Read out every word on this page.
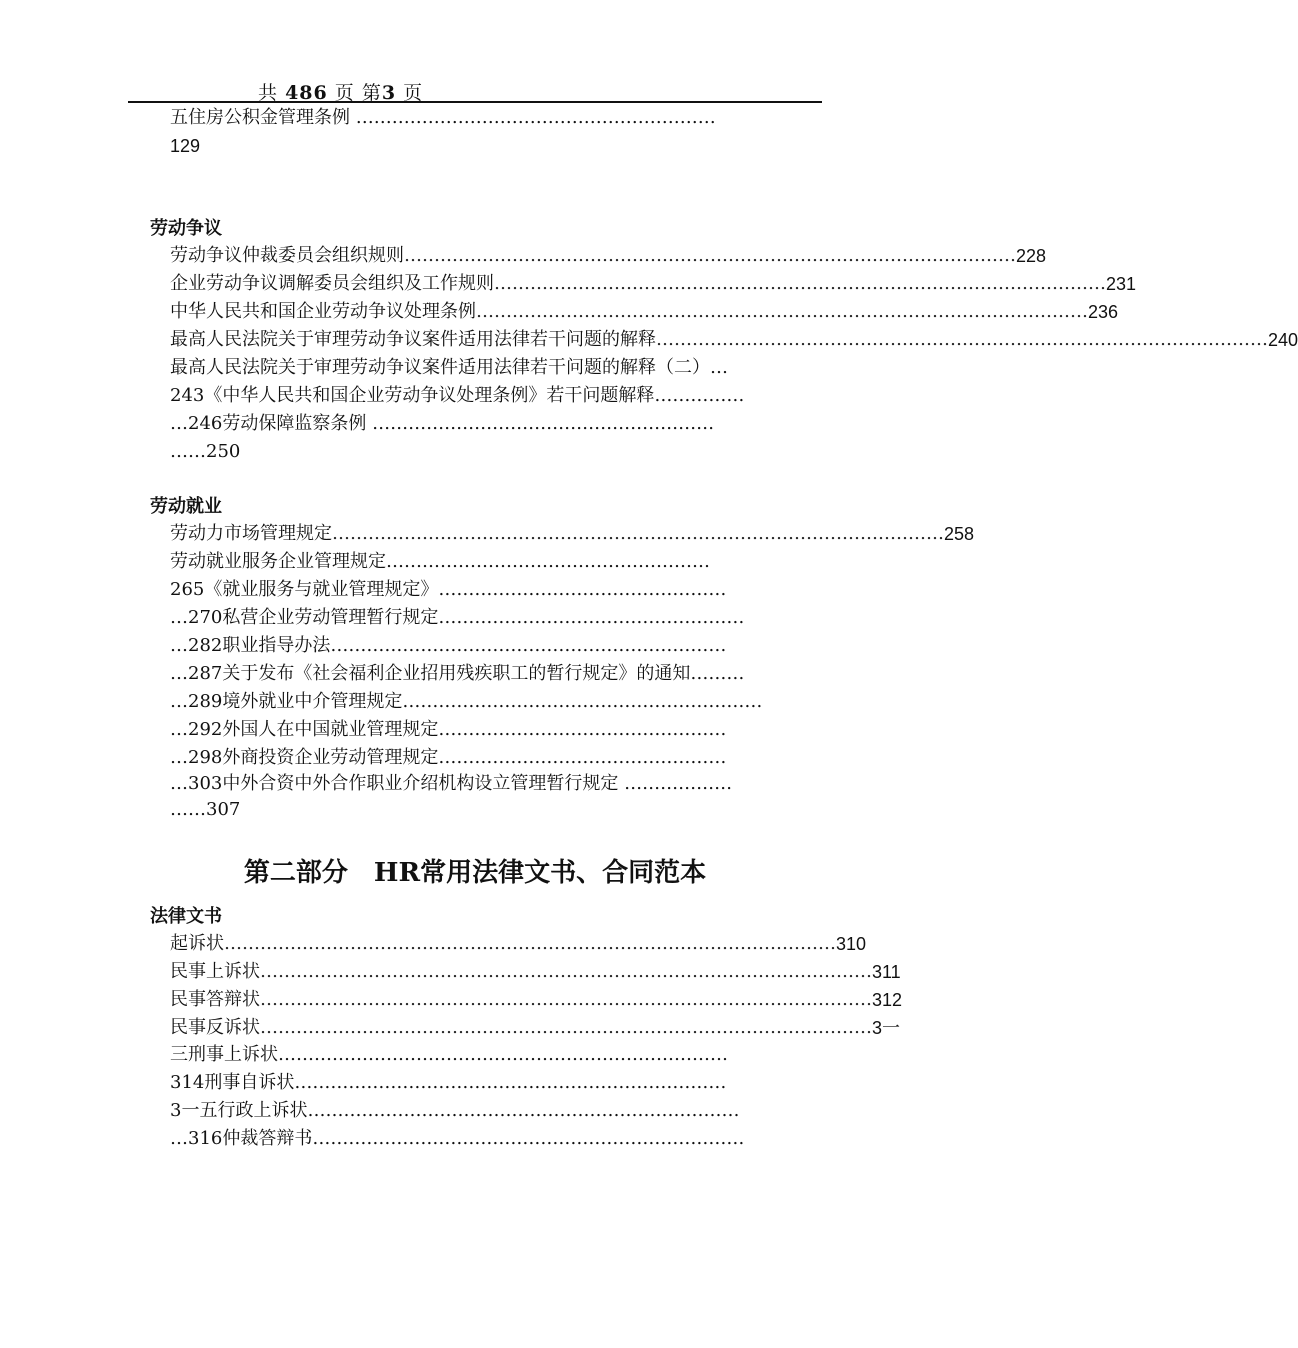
共 486 页 第3 页
五住房公积金管理条例 ……………………………………………………
129
劳动争议
劳动争议仲裁委员会组织规则 ………………………………………………………………………………………… 228
企业劳动争议调解委员会组织及工作规则 ………………………………………………………………………………………… 231
中华人民共和国企业劳动争议处理条例 ………………………………………………………………………………………… 236
最高人民法院关于审理劳动争议案件适用法律若干问题的解释 ………………………………………………………………………………………… 240
最高人民法院关于审理劳动争议案件适用法律若干问题的解释（二）…
243《中华人民共和国企业劳动争议处理条例》若干问题解释……………
…246劳动保障监察条例 …………………………………………………
……250
劳动就业
劳动力市场管理规定 ………………………………………………………………………………………… 258
劳动就业服务企业管理规定………………………………………………
265《就业服务与就业管理规定》…………………………………………
…270私营企业劳动管理暂行规定……………………………………………
…282职业指导办法…………………………………………………………
…287关于发布《社会福利企业招用残疾职工的暂行规定》的通知………
…289境外就业中介管理规定……………………………………………………
…292外国人在中国就业管理规定…………………………………………
…298外商投资企业劳动管理规定…………………………………………
…303中外合资中外合作职业介绍机构设立管理暂行规定 ………………
……307
第二部分　HR常用法律文书、合同范本
法律文书
起诉状 ………………………………………………………………………………………… 310
民事上诉状 ………………………………………………………………………………………… 311
民事答辩状 ………………………………………………………………………………………… 312
民事反诉状 ………………………………………………………………………………………… 3一
三刑事上诉状…………………………………………………………………
314刑事自诉状………………………………………………………………
3一五行政上诉状………………………………………………………………
…316仲裁答辩书………………………………………………………………
